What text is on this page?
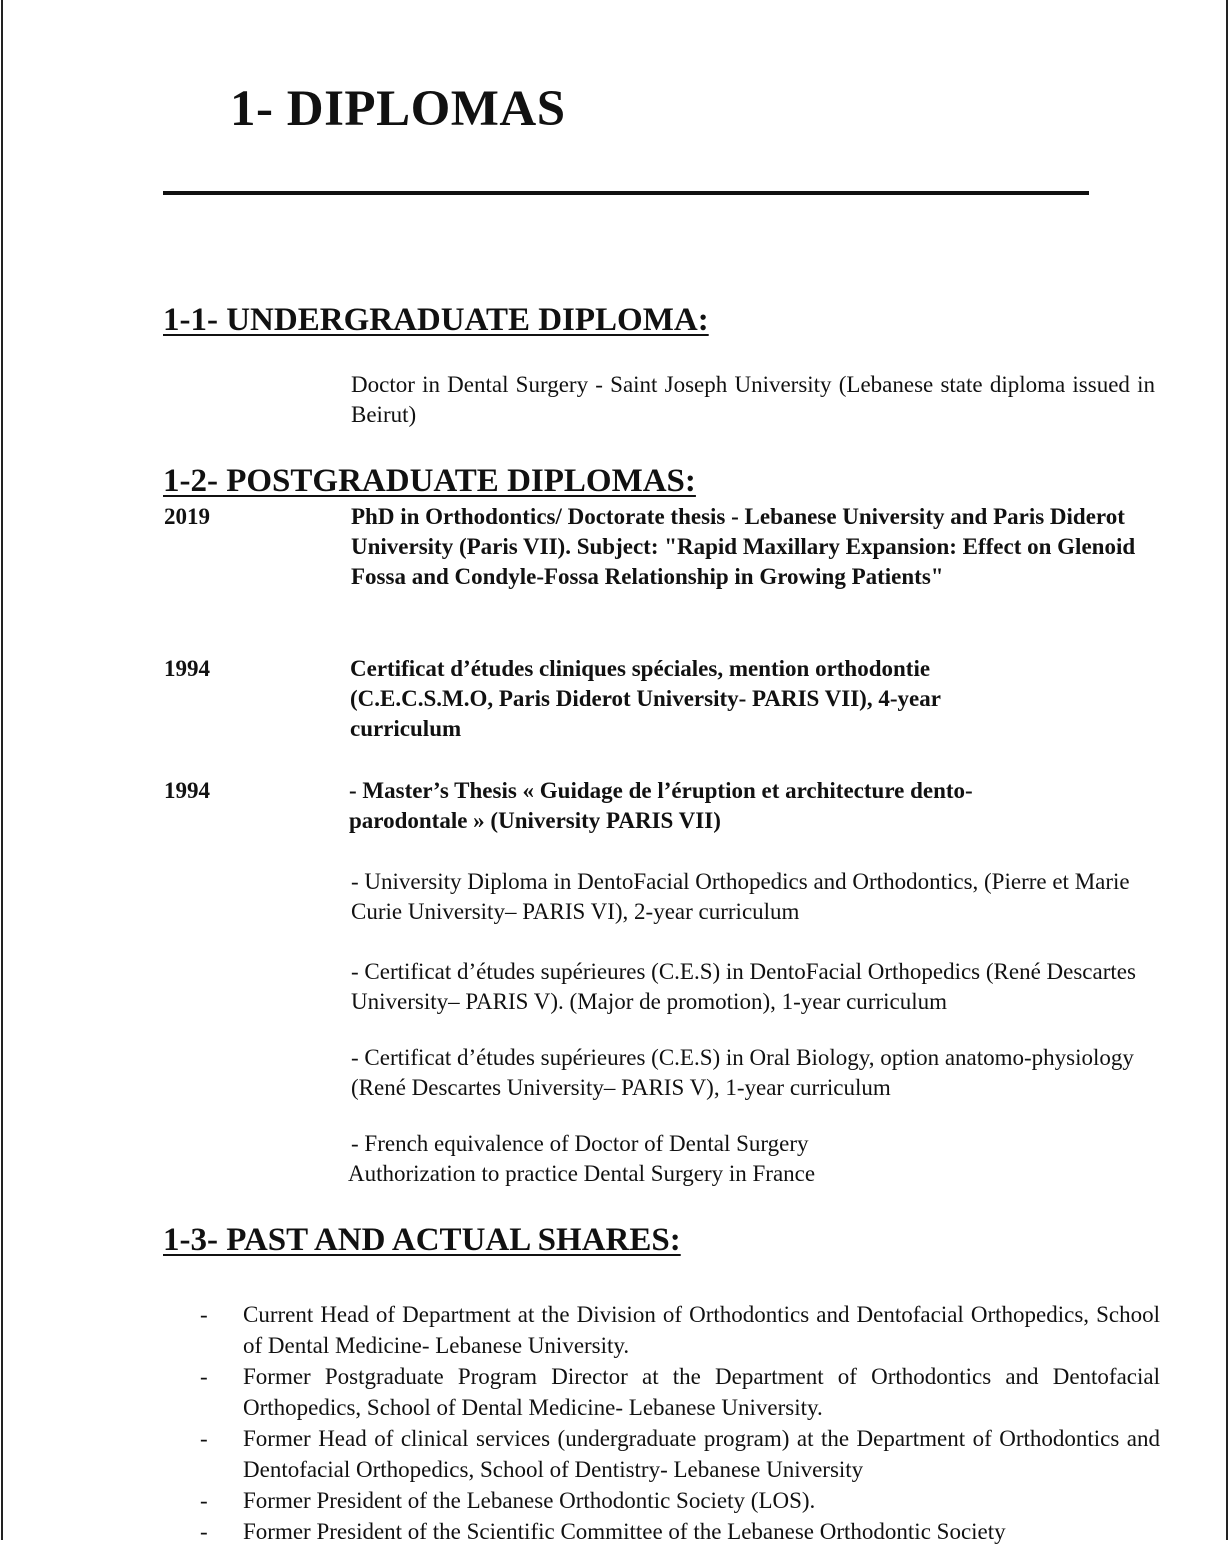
1- DIPLOMAS
1-1- UNDERGRADUATE DIPLOMA:
Doctor in Dental Surgery - Saint Joseph University (Lebanese state diploma issued in Beirut)
1-2- POSTGRADUATE DIPLOMAS:
2019	PhD in Orthodontics/ Doctorate thesis - Lebanese University and Paris Diderot University (Paris VII). Subject: "Rapid Maxillary Expansion: Effect on Glenoid Fossa and Condyle-Fossa Relationship in Growing Patients"
1994	Certificat d’études cliniques spéciales, mention orthodontie (C.E.C.S.M.O, Paris Diderot University- PARIS VII), 4-year curriculum
1994	- Master’s Thesis « Guidage de l’éruption et architecture dento-parodontale » (University PARIS VII)
- University Diploma in DentoFacial Orthopedics and Orthodontics, (Pierre et Marie Curie University– PARIS VI), 2-year curriculum
- Certificat d’études supérieures (C.E.S) in DentoFacial Orthopedics (René Descartes University– PARIS V). (Major de promotion), 1-year curriculum
- Certificat d’études supérieures (C.E.S) in Oral Biology, option anatomo-physiology (René Descartes University– PARIS V), 1-year curriculum
- French equivalence of Doctor of Dental Surgery
Authorization to practice Dental Surgery in France
1-3- PAST AND ACTUAL SHARES:
- Current Head of Department at the Division of Orthodontics and Dentofacial Orthopedics, School of Dental Medicine- Lebanese University.
- Former Postgraduate Program Director at the Department of Orthodontics and Dentofacial Orthopedics, School of Dental Medicine- Lebanese University.
- Former Head of clinical services (undergraduate program) at the Department of Orthodontics and Dentofacial Orthopedics, School of Dentistry- Lebanese University
- Former President of the Lebanese Orthodontic Society (LOS).
- Former President of the Scientific Committee of the Lebanese Orthodontic Society
